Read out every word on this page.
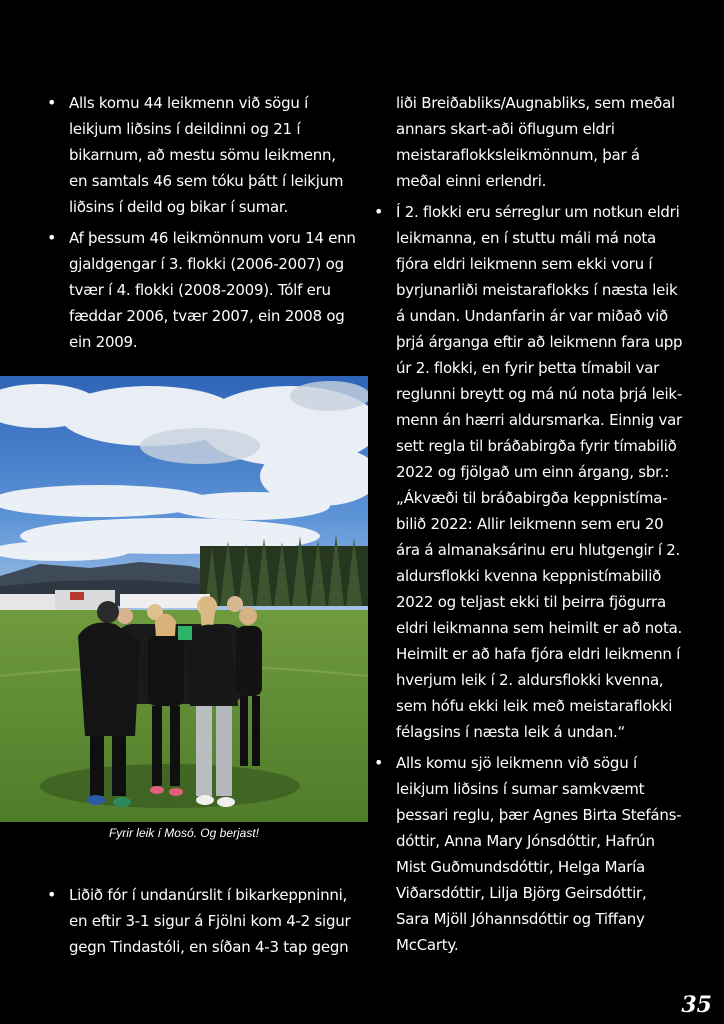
• Alls komu 44 leikmenn við sögu í
leikjum liðsins í deildinni og 21 í
bikarnum, að mestu sömu leikmenn,
en samtals 46 sem tóku þátt í leikjum
liðsins í deild og bikar í sumar.
• Af þessum 46 leikmönnum voru 14 enn
gjaldgengar í 3. flokki (2006-2007) og
tvær í 4. flokki (2008-2009). Tólf eru
fæddar 2006, tvær 2007, ein 2008 og
ein 2009.
Fyrir leik í Mosó. Og berjast!
• Liðið fór í undanúrslit í bikarkeppninni,
en eftir 3-1 sigur á Fjölni kom 4-2 sigur
gegn Tindastóli, en síðan 4-3 tap gegn
liði Breiðabliks/Augnabliks, sem meðal
annars skart-aði öflugum eldri
meistaraflokksleikmönnum, þar á
meðal einni erlendri.
• Í 2. flokki eru sérreglur um notkun eldri
leikmanna, en í stuttu máli má nota
fjóra eldri leikmenn sem ekki voru í
byrjunarliði meistaraflokks í næsta leik
á undan. Undanfarin ár var miðað við
þrjá árganga eftir að leikmenn fara upp
úr 2. flokki, en fyrir þetta tímabil var
reglunni breytt og má nú nota þrjá leik-
menn án hærri aldursmarka. Einnig var
sett regla til bráðabirgða fyrir tímabilið
2022 og fjölgað um einn árgang, sbr.:
„Ákvæði til bráðabirgða keppnistíma-
bilið 2022: Allir leikmenn sem eru 20
ára á almanaksárinu eru hlutgengir í 2.
aldursflokki kvenna keppnistímabilið
2022 og teljast ekki til þeirra fjögurra
eldri leikmanna sem heimilt er að nota.
Heimilt er að hafa fjóra eldri leikmenn í
hverjum leik í 2. aldursflokki kvenna,
sem hófu ekki leik með meistaraflokki
félagsins í næsta leik á undan.“
• Alls komu sjö leikmenn við sögu í
leikjum liðsins í sumar samkvæmt
þessari reglu, þær Agnes Birta Stefáns-
dóttir, Anna Mary Jónsdóttir, Hafrún
Mist Guðmundsdóttir, Helga María
Viðarsdóttir, Lilja Björg Geirsdóttir,
Sara Mjöll Jóhannsdóttir og Tiffany
McCarty.
35
